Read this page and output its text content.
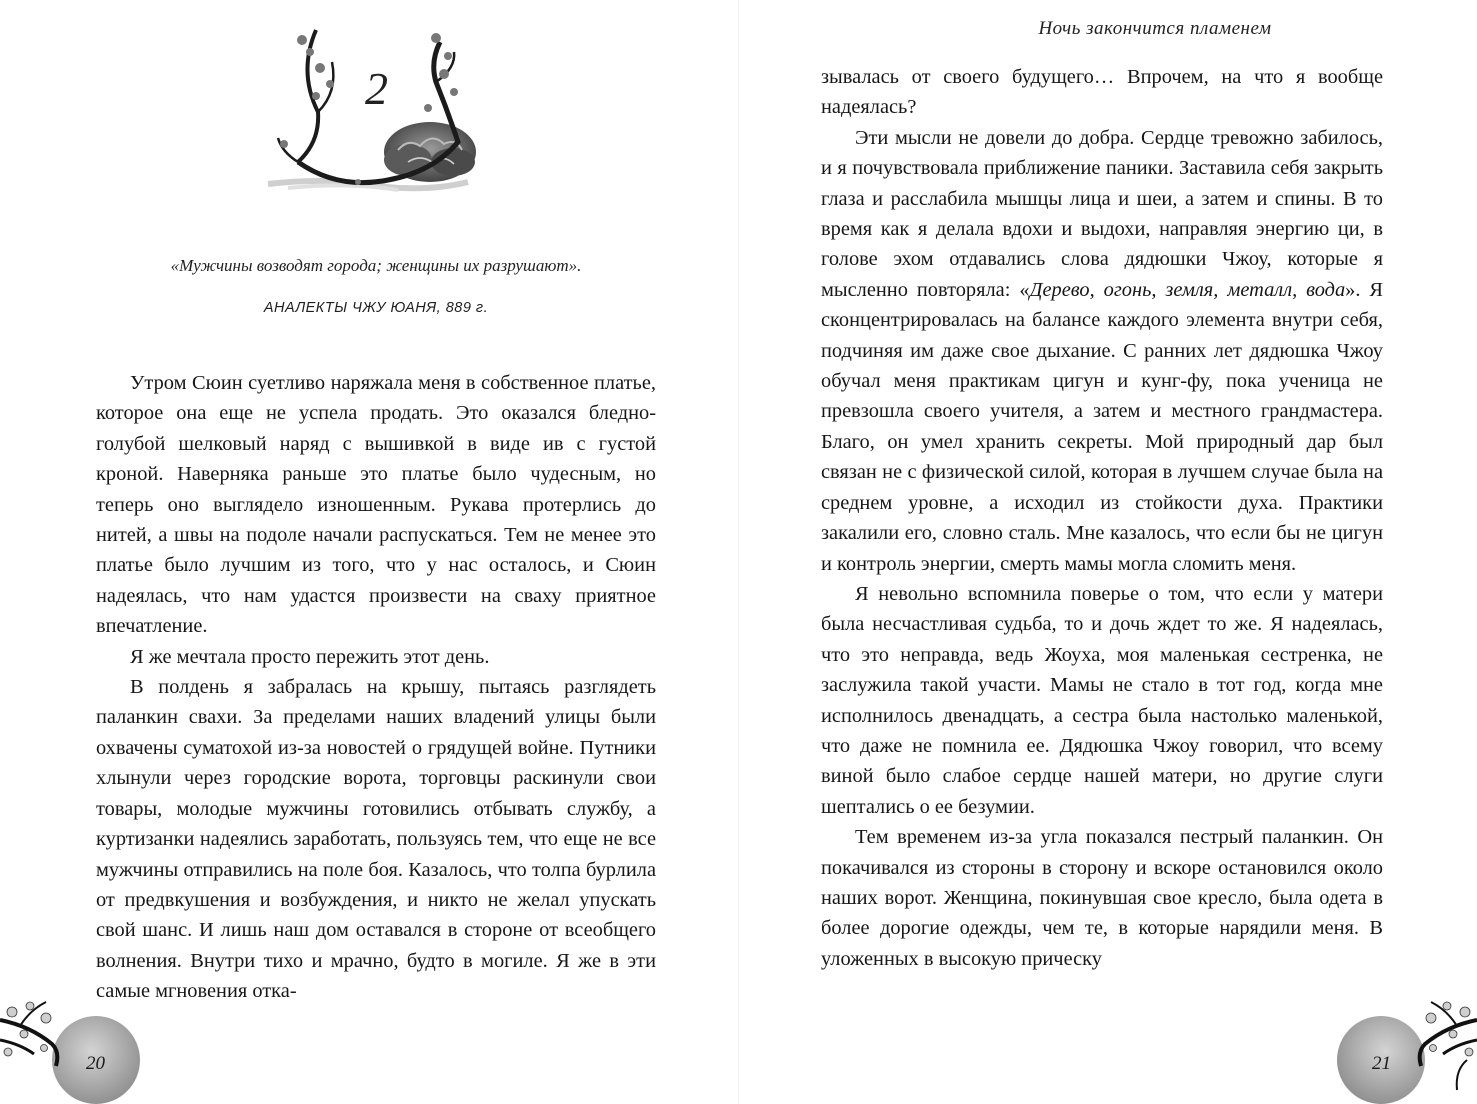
2
«Мужчины возводят города; женщины их разрушают».
АНАЛЕКТЫ ЧЖУ ЮАНЯ, 889 г.

Утром Сюин суетливо наряжала меня в собственное платье, которое она еще не успела продать. Это оказался бледно-голубой шелковый наряд с вышивкой в виде ив с густой кроной. Наверняка раньше это платье было чудесным, но теперь оно выглядело изношенным. Рукава протерлись до нитей, а швы на подоле начали распускаться. Тем не менее это платье было лучшим из того, что у нас осталось, и Сюин надеялась, что нам удастся произвести на сваху приятное впечатление.

Я же мечтала просто пережить этот день.

В полдень я забралась на крышу, пытаясь разглядеть паланкин свахи. За пределами наших владений улицы были охвачены суматохой из-за новостей о грядущей войне. Путники хлынули через городские ворота, торговцы раскинули свои товары, молодые мужчины готовились отбывать службу, а куртизанки надеялись заработать, пользуясь тем, что еще не все мужчины отправились на поле боя. Казалось, что толпа бурлила от предвкушения и возбуждения, и никто не желал упускать свой шанс. И лишь наш дом оставался в стороне от всеобщего волнения. Внутри тихо и мрачно, будто в могиле. Я же в эти самые мгновения отка-

20
Ночь закончится пламенем

зывалась от своего будущего… Впрочем, на что я вообще надеялась?

Эти мысли не довели до добра. Сердце тревожно забилось, и я почувствовала приближение паники. Заставила себя закрыть глаза и расслабила мышцы лица и шеи, а затем и спины. В то время как я делала вдохи и выдохи, направляя энергию ци, в голове эхом отдавались слова дядюшки Чжоу, которые я мысленно повторяла: «Дерево, огонь, земля, металл, вода». Я сконцентрировалась на балансе каждого элемента внутри себя, подчиняя им даже свое дыхание. С ранних лет дядюшка Чжоу обучал меня практикам цигун и кунг-фу, пока ученица не превзошла своего учителя, а затем и местного грандмастера. Благо, он умел хранить секреты. Мой природный дар был связан не с физической силой, которая в лучшем случае была на среднем уровне, а исходил из стойкости духа. Практики закалили его, словно сталь. Мне казалось, что если бы не цигун и контроль энергии, смерть мамы могла сломить меня.

Я невольно вспомнила поверье о том, что если у матери была несчастливая судьба, то и дочь ждет то же. Я надеялась, что это неправда, ведь Жоуха, моя маленькая сестренка, не заслужила такой участи. Мамы не стало в тот год, когда мне исполнилось двенадцать, а сестра была настолько маленькой, что даже не помнила ее. Дядюшка Чжоу говорил, что всему виной было слабое сердце нашей матери, но другие слуги шептались о ее безумии.

Тем временем из-за угла показался пестрый паланкин. Он покачивался из стороны в сторону и вскоре остановился около наших ворот. Женщина, покинувшая свое кресло, была одета в более дорогие одежды, чем те, в которые нарядили меня. В уложенных в высокую прическу

21
